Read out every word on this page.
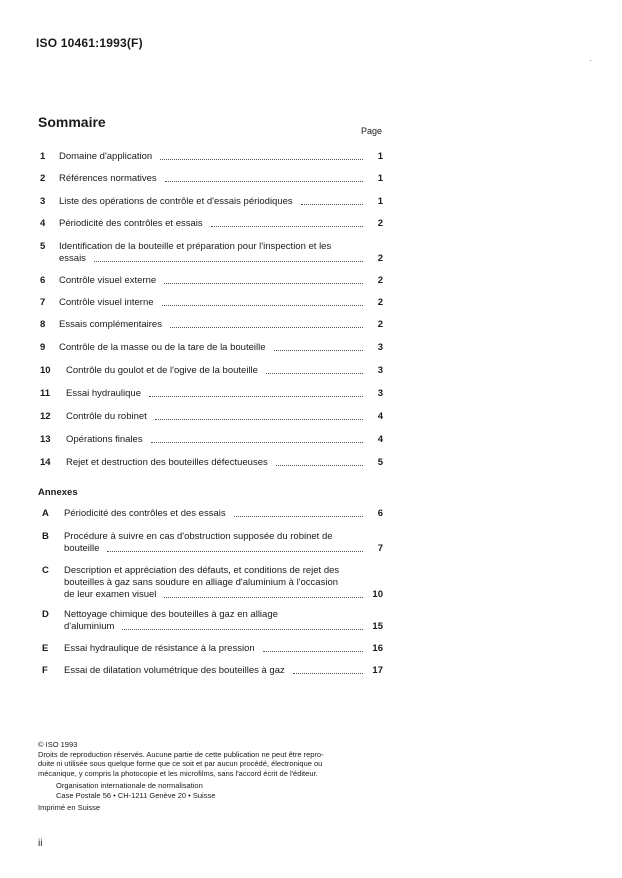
ISO 10461:1993(F)
Sommaire
Page
1 Domaine d'application	1
2 Références normatives	1
3 Liste des opérations de contrôle et d'essais périodiques	1
4 Périodicité des contrôles et essais	2
5 Identification de la bouteille et préparation pour l'inspection et les
essais	2
6 Contrôle visuel externe	2
7 Contrôle visuel interne	2
8 Essais complémentaires	2
9 Contrôle de la masse ou de la tare de la bouteille	3
10 Contrôle du goulot et de l'ogive de la bouteille	3
11 Essai hydraulique	3
12 Contrôle du robinet	4
13 Opérations finales	4
14 Rejet et destruction des bouteilles défectueuses	5
A Périodicité des contrôles et des essais	6
B Procédure à suivre en cas d'obstruction supposée du robinet de
bouteille	7
C Description et appréciation des défauts, et conditions de rejet des
bouteilles à gaz sans soudure en alliage d'aluminium à l'occasion
de leur examen visuel	10
D Nettoyage chimique des bouteilles à gaz en alliage
d'aluminium	15
E Essai hydraulique de résistance à la pression	16
F Essai de dilatation volumétrique des bouteilles à gaz	17
Annexes

© ISO 1993

Droits de reproduction réservés. Aucune partie de cette publication ne peut être repro-

duite ni utilisée sous quelque forme que ce soit et par aucun procédé, électronique ou

mécanique, y compris la photocopie et les microfilms, sans l'accord écrit de l'éditeur.

Organisation internationale de normalisation

Case Postale 56 • CH-1211 Genève 20 • Suisse

Imprimé en Suisse

ii
